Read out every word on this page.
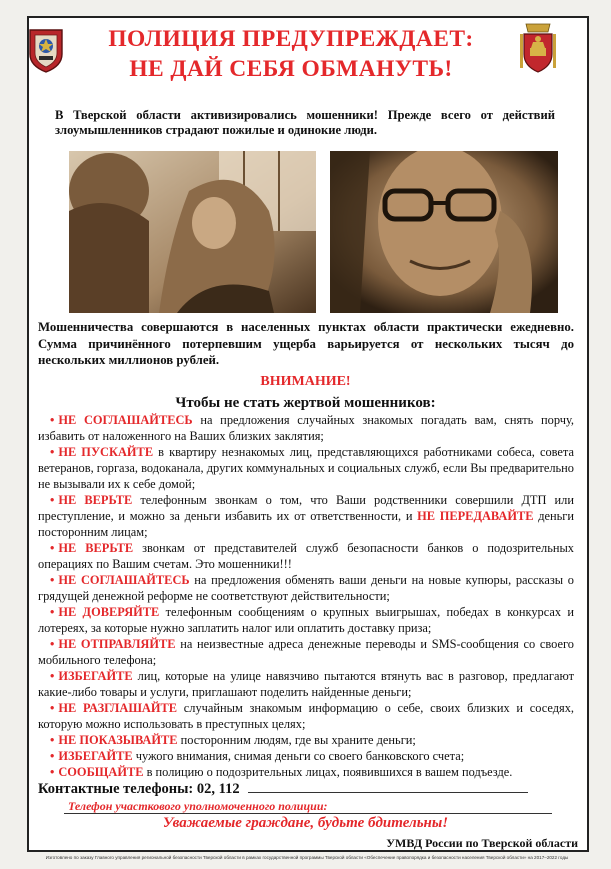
ПОЛИЦИЯ ПРЕДУПРЕЖДАЕТ:
НЕ ДАЙ СЕБЯ ОБМАНУТЬ!
В Тверской области активизировались мошенники! Прежде всего от действий злоумышленников страдают пожилые и одинокие люди.
Мошенничества совершаются в населенных пунктах области практически ежедневно. Сумма причинённого потерпевшим ущерба варьируется от нескольких тысяч до нескольких миллионов рублей.
ВНИМАНИЕ!
Чтобы не стать жертвой мошенников:
• НЕ СОГЛАШАЙТЕСЬ на предложения случайных знакомых погадать вам, снять порчу, избавить от наложенного на Ваших близких заклятия;
• НЕ ПУСКАЙТЕ в квартиру незнакомых лиц, представляющихся работниками собеса, совета ветеранов, горгаза, водоканала, других коммунальных и социальных служб, если Вы предварительно не вызывали их к себе домой;
• НЕ ВЕРЬТЕ телефонным звонкам о том, что Ваши родственники совершили ДТП или преступление, и можно за деньги избавить их от ответственности, и НЕ ПЕРЕДАВАЙТЕ деньги посторонним лицам;
• НЕ ВЕРЬТЕ звонкам от представителей служб безопасности банков о подозрительных операциях по Вашим счетам. Это мошенники!!!
• НЕ СОГЛАШАЙТЕСЬ на предложения обменять ваши деньги на новые купюры, рассказы о грядущей денежной реформе не соответствуют действительности;
• НЕ ДОВЕРЯЙТЕ телефонным сообщениям о крупных выигрышах, победах в конкурсах и лотереях, за которые нужно заплатить налог или оплатить доставку приза;
• НЕ ОТПРАВЛЯЙТЕ на неизвестные адреса денежные переводы и SMS-сообщения со своего мобильного телефона;
• ИЗБЕГАЙТЕ лиц, которые на улице навязчиво пытаются втянуть вас в разговор, предлагают какие-либо товары и услуги, приглашают поделить найденные деньги;
• НЕ РАЗГЛАШАЙТЕ случайным знакомым информацию о себе, своих близких и соседях, которую можно использовать в преступных целях;
• НЕ ПОКАЗЫВАЙТЕ посторонним людям, где вы храните деньги;
• ИЗБЕГАЙТЕ чужого внимания, снимая деньги со своего банковского счета;
• СООБЩАЙТЕ в полицию о подозрительных лицах, появившихся в вашем подъезде.
Контактные телефоны: 02, 112
Телефон участкового уполномоченного полиции:
Уважаемые граждане, будьте бдительны!
УМВД России по Тверской области
Изготовлено по заказу Главного управления региональной безопасности Тверской области в рамках государственной программы Тверской области «Обеспечение правопорядка и безопасности населения Тверской области» на 2017–2022 годы
